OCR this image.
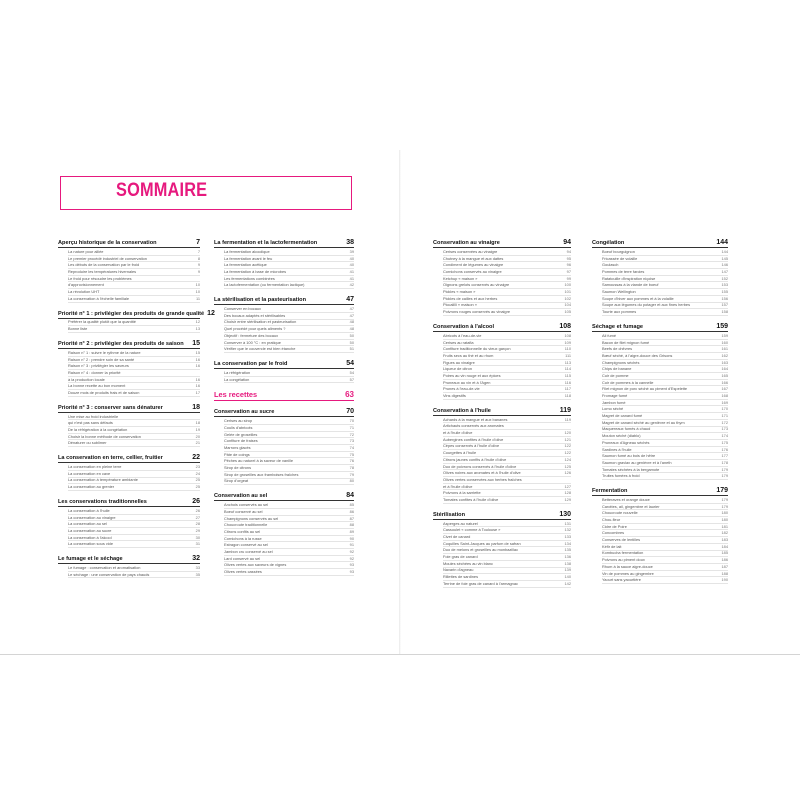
SOMMAIRE
Aperçu historique de la conservation	7
La nature pour alliée	7
Le premier procédé industriel de conservation	8
Les débuts de la conservation par le froid	9
Reproduire les températures hivernales	9
Le froid pour résoudre les problèmes
d'approvisionnement	10
La révolution UHT	10
La conservation à l'échelle familiale	11
Priorité n° 1 : privilégier des produits de grande qualité 12
Préférer la qualité plutôt que la quantité	12
Bonne liste	13
Priorité n° 2 : privilégier des produits de saison	15
Raison n° 1 : suivre le rythme de la nature	15
Raison n° 2 : prendre soin de sa santé	16
Raison n° 3 : privilégier les saveurs	16
Raison n° 4 : donner la priorité
à la production locale	16
La bonne recette au bon moment	16
Douze mois de produits frais et de saison	17
Priorité n° 3 : conserver sans dénaturer	18
Une mise au froid industrielle
qui n'est pas sans défauts	18
De la réfrigération à la congélation	19
Choisir la bonne méthode de conservation	20
Dénaturer ou sublimer	21
La conservation en terre, cellier, fruitier	22
La conservation en pleine terre	23
La conservation en cave	24
La conservation à température ambiante	25
La conservation au grenier	25
Les conservations traditionnelles	26
La conservation à l'huile	26
La conservation au vinaigre	27
La conservation au sel	28
La conservation au sucre	29
La conservation à l'alcool	30
La conservation sous vide	31
Le fumage et le séchage	32
Le fumage : conservation et aromatisation	33
Le séchage : une conservation de pays chauds	35
La fermentation et la lactofermentation	38
La fermentation alcoolique	39
La fermentation avant le feu	40
La fermentation acétique	40
La fermentation à base de microbes	41
Les fermentations combinées	41
La lactofermentation (ou fermentation lactique)	42
La stérilisation et la pasteurisation	47
Conserver en bocaux	47
Des bocaux adaptés et stérilisables	47
Choisir entre stérilisation et pasteurisation	48
Quel procédé pour quels aliments ?	48
Objectif : fermeture des bocaux	50
Conserver à 100 °C : en pratique	50
Vérifier que le couvercle est bien étanche	51
La conservation par le froid	54
La réfrigération	54
La congélation	57
Les recettes	63
Conservation au sucre	70
Cerises au sirop	70
Coulis d'abricots	71
Gelée de groseilles	72
Confiture de fraises	73
Marrons glacés	74
Pâte de coings	75
Pêches au naturel à la saveur de vanille	76
Sirop de citrons	78
Sirop de groseilles aux framboises fraîches	79
Sirop d'orgeat	80
Conservation au sel	84
Anchois conservés au sel	85
Boeuf conservé au sel	86
Champignons conservés au sel	87
Choucroute traditionnelle	88
Citrons confits au sel	89
Cornichons à la russe	90
Estragon conservé au sel	91
Jambon cru conservé au sel	92
Lard conservé au sel	92
Olives vertes aux saveurs de vignes	93
Olives vertes cassées	93
Conservation au vinaigre	94
Cerises conservées au vinaigre	94
Chutney à la mangue et aux dattes	95
Condiment de légumes au vinaigre	96
Cornichons conservés au vinaigre	97
Ketchup « maison »	99
Oignons grelots conservés au vinaigre	100
Pickles « maison »	101
Pickles de cailles et aux herbes	102
Piccalilli « maison »	104
Poivrons rouges conservés au vinaigre	105
Conservation à l'alcool	108
Abricots à l'eau-de-vie	108
Cerises au ratafia	109
Confiture traditionnelle du vieux garçon	110
Fruits secs au thé et au rhum	111
Figues au vinaigre	113
Liqueur de citron	114
Poires au vin rouge et aux épices	115
Pruneaux au vin et à l'Agen	116
Prunes à l'eau-de-vie	117
Vins digestifs	118
Conservation à l'huile	119
Achards à la mangue et aux bananes	119
Artichauts conservés aux aromates
et à l'huile d'olive	120
Aubergines confites à l'huile d'olive	121
Cèpes conservés à l'huile d'olive	122
Courgettes à l'huile	122
Citrons jaunes confits à l'huile d'olive	124
Duo de poivrons conservés à l'huile d'olive	125
Olives noires aux aromates et à l'huile d'olive	126
Olives vertes conservées aux herbes fraîches
et à l'huile d'olive	127
Poivrons à la sarriette	128
Tomates confites à l'huile d'olive	129
Stérilisation	130
Asperges au naturel	131
Cassoulet « comme à Toulouse »	132
Civet de canard	133
Coquilles Saint-Jacques au parfum de safran	134
Duo de melons et groseilles au monbazillac	135
Foie gras de canard	136
Moules séchées au vin blanc	138
Navarin d'agneau	139
Rillettes de sardines	140
Terrine de foie gras de canard à l'armagnac	142
Congélation	144
Boeuf bourguignon	144
Fricassée de volaille	145
Goulasch	146
Pommes de terre farcies	147
Ratatouille d'inspiration niçoise	152
Samoussas à la viande de boeuf	153
Saumon Wellington	155
Soupe d'hiver aux pommes et à la volaille	156
Soupe aux légumes du potager et aux fines herbes	157
Tourte aux pommes	158
Séchage et fumage	159
Ail fumé	159
Bacon de filet mignon fumé	160
Beefs de chêvres	161
Bœuf séché, à l'aigre-douce des Grisons	162
Champignons séchés	163
Chips de banane	164
Cuir de pomme	165
Cuir de pommes à la cannelle	166
Filet mignon de porc séché au piment d'Espelette	167
Fromage fumé	168
Jambon fumé	169
Lomo séché	170
Magret de canard fumé	171
Magret de canard séché au genièvre et au thym	172
Maquereaux fumés à chaud	173
Mouton séché (diablo)	174
Pruneaux d'Agneau séchés	175
Sardines à l'huile	176
Saumon fumé au bois de hêtre	177
Saumon gravlax au genièvre et à l'aneth	178
Tomates séchées à la bergamote	179
Truites fumées à froid	179
Fermentation	179
Betteraves et orange douce	179
Carottes, ail, gingembre et laurier	179
Choucroute nouvelle	180
Chou-fleur	180
Cidre de Poire	181
Concombres	182
Conserves de lentilles	183
Kéfir de lait	184
Kombucha fermentation	185
Poivrons au piment doux	186
Rhum à la sauce aigre-douce	187
Vin de pommes au gingembre	188
Yaourt sans yaourtière	190
